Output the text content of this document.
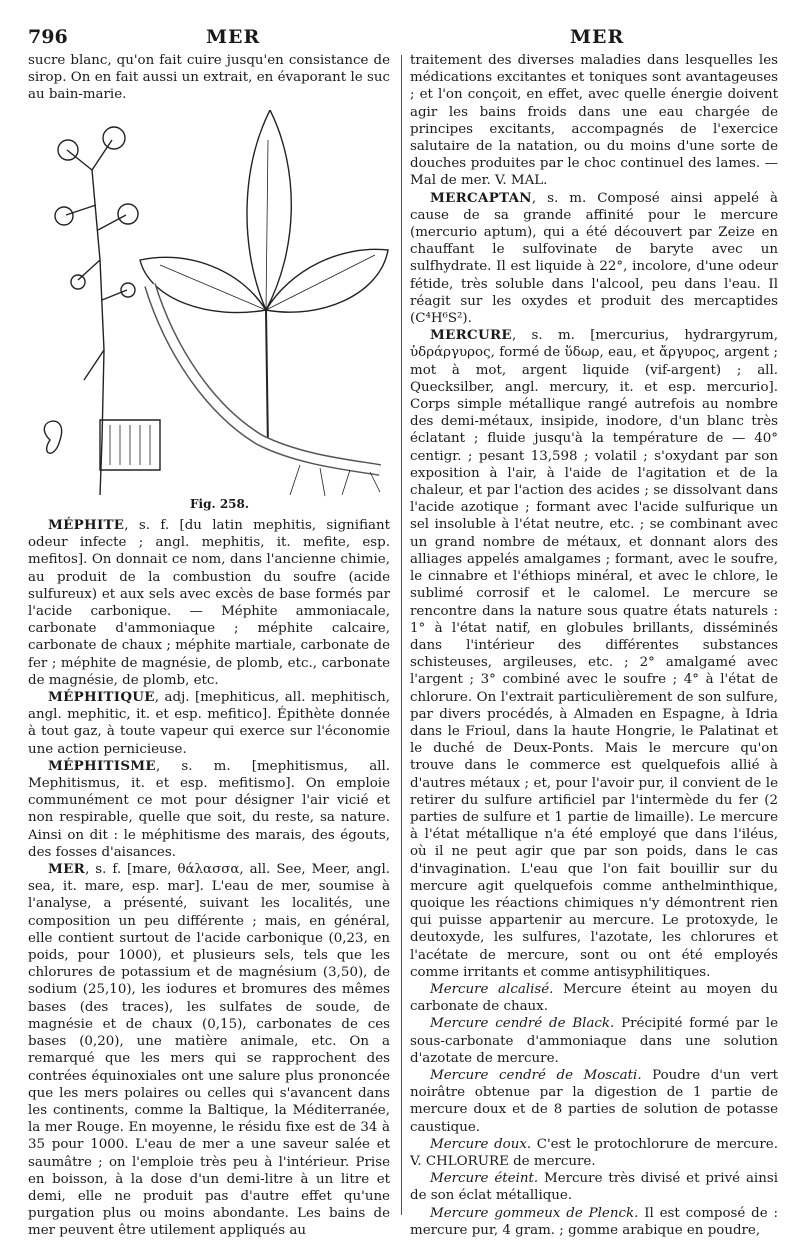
796	MER	MER

sucre blanc, qu'on fait cuire jusqu'en consistance de sirop. On en fait aussi un extrait, en évaporant le suc au bain-marie.

Fig. 258.

MÉPHITE, s. f. [du latin mephitis, signifiant odeur infecte ; angl. mephitis, it. mefite, esp. mefitos]. On donnait ce nom, dans l'ancienne chimie, au produit de la combustion du soufre (acide sulfureux) et aux sels avec excès de base formés par l'acide carbonique. — Méphite ammoniacale, carbonate d'ammoniaque ; méphite calcaire, carbonate de chaux ; méphite martiale, carbonate de fer ; méphite de magnésie, de plomb, etc., carbonate de magnésie, de plomb, etc.

MÉPHITIQUE, adj. [mephiticus, all. mephitisch, angl. mephitic, it. et esp. mefitico]. Épithète donnée à tout gaz, à toute vapeur qui exerce sur l'économie une action pernicieuse.

MÉPHITISME, s. m. [mephitismus, all. Mephitismus, it. et esp. mefitismo]. On emploie communément ce mot pour désigner l'air vicié et non respirable, quelle que soit, du reste, sa nature. Ainsi on dit : le méphitisme des marais, des égouts, des fosses d'aisances.

MER, s. f. [mare, θάλασσα, all. See, Meer, angl. sea, it. mare, esp. mar]. L'eau de mer, soumise à l'analyse, a présenté, suivant les localités, une composition un peu différente ; mais, en général, elle contient surtout de l'acide carbonique (0,23, en poids, pour 1000), et plusieurs sels, tels que les chlorures de potassium et de magnésium (3,50), de sodium (25,10), les iodures et bromures des mêmes bases (des traces), les sulfates de soude, de magnésie et de chaux (0,15), carbonates de ces bases (0,20), une matière animale, etc. On a remarqué que les mers qui se rapprochent des contrées équinoxiales ont une salure plus prononcée que les mers polaires ou celles qui s'avancent dans les continents, comme la Baltique, la Méditerranée, la mer Rouge. En moyenne, le résidu fixe est de 34 à 35 pour 1000. L'eau de mer a une saveur salée et saumâtre ; on l'emploie très peu à l'intérieur. Prise en boisson, à la dose d'un demi-litre à un litre et demi, elle ne produit pas d'autre effet qu'une purgation plus ou moins abondante. Les bains de mer peuvent être utilement appliqués au

traitement des diverses maladies dans lesquelles les médications excitantes et toniques sont avantageuses ; et l'on conçoit, en effet, avec quelle énergie doivent agir les bains froids dans une eau chargée de principes excitants, accompagnés de l'exercice salutaire de la natation, ou du moins d'une sorte de douches produites par le choc continuel des lames. — Mal de mer. V. MAL.

MERCAPTAN, s. m. Composé ainsi appelé à cause de sa grande affinité pour le mercure (mercurio aptum), qui a été découvert par Zeize en chauffant le sulfovinate de baryte avec un sulfhydrate. Il est liquide à 22°, incolore, d'une odeur fétide, très soluble dans l'alcool, peu dans l'eau. Il réagit sur les oxydes et produit des mercaptides (C⁴H⁶S²).

MERCURE, s. m. [mercurius, hydrargyrum, ὑδράργυρος, formé de ὕδωρ, eau, et ἄργυρος, argent ; mot à mot, argent liquide (vif-argent) ; all. Quecksilber, angl. mercury, it. et esp. mercurio]. Corps simple métallique rangé autrefois au nombre des demi-métaux, insipide, inodore, d'un blanc très éclatant ; fluide jusqu'à la température de — 40° centigr. ; pesant 13,598 ; volatil ; s'oxydant par son exposition à l'air, à l'aide de l'agitation et de la chaleur, et par l'action des acides ; se dissolvant dans l'acide azotique ; formant avec l'acide sulfurique un sel insoluble à l'état neutre, etc. ; se combinant avec un grand nombre de métaux, et donnant alors des alliages appelés amalgames ; formant, avec le soufre, le cinnabre et l'éthiops minéral, et avec le chlore, le sublimé corrosif et le calomel. Le mercure se rencontre dans la nature sous quatre états naturels : 1° à l'état natif, en globules brillants, disséminés dans l'intérieur des différentes substances schisteuses, argileuses, etc. ; 2° amalgamé avec l'argent ; 3° combiné avec le soufre ; 4° à l'état de chlorure. On l'extrait particulièrement de son sulfure, par divers procédés, à Almaden en Espagne, à Idria dans le Frioul, dans la haute Hongrie, le Palatinat et le duché de Deux-Ponts. Mais le mercure qu'on trouve dans le commerce est quelquefois allié à d'autres métaux ; et, pour l'avoir pur, il convient de le retirer du sulfure artificiel par l'intermède du fer (2 parties de sulfure et 1 partie de limaille). Le mercure à l'état métallique n'a été employé que dans l'iléus, où il ne peut agir que par son poids, dans le cas d'invagination. L'eau que l'on fait bouillir sur du mercure agit quelquefois comme anthelminthique, quoique les réactions chimiques n'y démontrent rien qui puisse appartenir au mercure. Le protoxyde, le deutoxyde, les sulfures, l'azotate, les chlorures et l'acétate de mercure, sont ou ont été employés comme irritants et comme antisyphilitiques.

Mercure alcalisé. Mercure éteint au moyen du carbonate de chaux.

Mercure cendré de Black. Précipité formé par le sous-carbonate d'ammoniaque dans une solution d'azotate de mercure.

Mercure cendré de Moscati. Poudre d'un vert noirâtre obtenue par la digestion de 1 partie de mercure doux et de 8 parties de solution de potasse caustique.

Mercure doux. C'est le protochlorure de mercure. V. CHLORURE de mercure.

Mercure éteint. Mercure très divisé et privé ainsi de son éclat métallique.

Mercure gommeux de Plenck. Il est composé de : mercure pur, 4 gram. ; gomme arabique en poudre,
